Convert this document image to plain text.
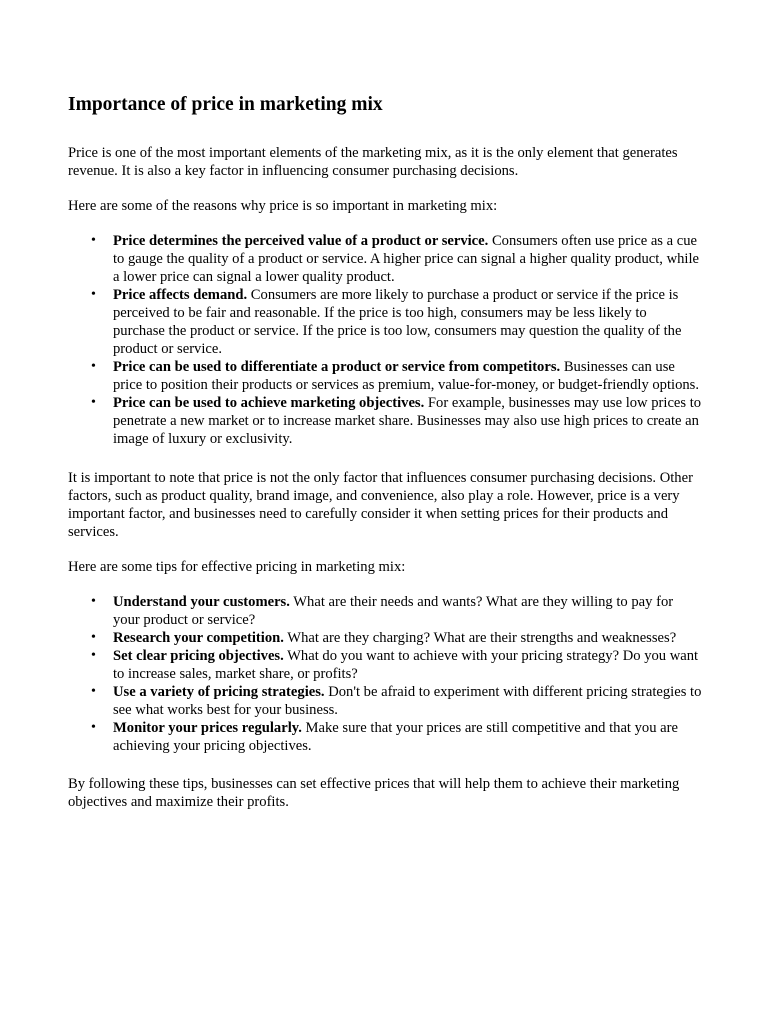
Importance of price in marketing mix

Price is one of the most important elements of the marketing mix, as it is the only element that generates revenue. It is also a key factor in influencing consumer purchasing decisions.

Here are some of the reasons why price is so important in marketing mix:

• Price determines the perceived value of a product or service. Consumers often use price as a cue to gauge the quality of a product or service. A higher price can signal a higher quality product, while a lower price can signal a lower quality product.
• Price affects demand. Consumers are more likely to purchase a product or service if the price is perceived to be fair and reasonable. If the price is too high, consumers may be less likely to purchase the product or service. If the price is too low, consumers may question the quality of the product or service.
• Price can be used to differentiate a product or service from competitors. Businesses can use price to position their products or services as premium, value-for-money, or budget-friendly options.
• Price can be used to achieve marketing objectives. For example, businesses may use low prices to penetrate a new market or to increase market share. Businesses may also use high prices to create an image of luxury or exclusivity.

It is important to note that price is not the only factor that influences consumer purchasing decisions. Other factors, such as product quality, brand image, and convenience, also play a role. However, price is a very important factor, and businesses need to carefully consider it when setting prices for their products and services.

Here are some tips for effective pricing in marketing mix:

• Understand your customers. What are their needs and wants? What are they willing to pay for your product or service?
• Research your competition. What are they charging? What are their strengths and weaknesses?
• Set clear pricing objectives. What do you want to achieve with your pricing strategy? Do you want to increase sales, market share, or profits?
• Use a variety of pricing strategies. Don't be afraid to experiment with different pricing strategies to see what works best for your business.
• Monitor your prices regularly. Make sure that your prices are still competitive and that you are achieving your pricing objectives.

By following these tips, businesses can set effective prices that will help them to achieve their marketing objectives and maximize their profits.
